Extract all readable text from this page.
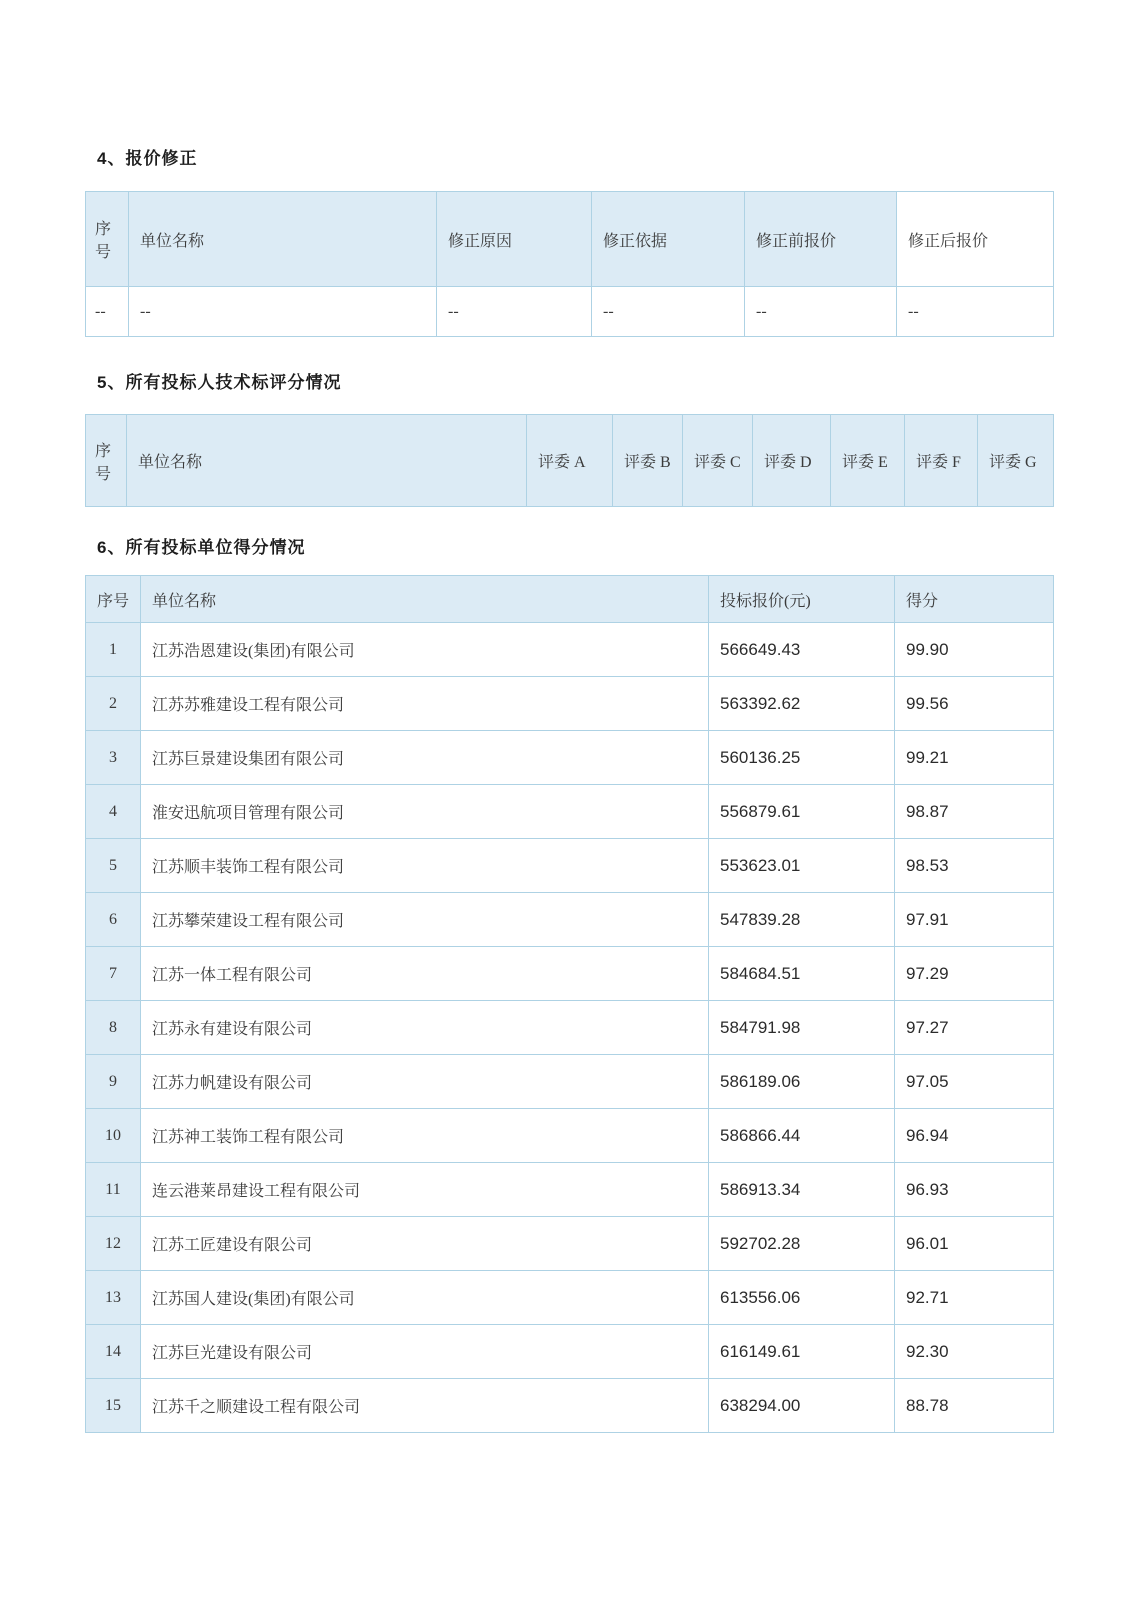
4、报价修正
序号	单位名称	修正原因	修正依据	修正前报价	修正后报价
--	--	--	--	--	--
5、所有投标人技术标评分情况
序号	单位名称	评委 A	评委 B	评委 C	评委 D	评委 E	评委 F	评委 G
6、所有投标单位得分情况
序号	单位名称	投标报价(元)	得分
1	江苏浩恩建设(集团)有限公司	566649.43	99.90
2	江苏苏雅建设工程有限公司	563392.62	99.56
3	江苏巨景建设集团有限公司	560136.25	99.21
4	淮安迅航项目管理有限公司	556879.61	98.87
5	江苏顺丰装饰工程有限公司	553623.01	98.53
6	江苏攀荣建设工程有限公司	547839.28	97.91
7	江苏一体工程有限公司	584684.51	97.29
8	江苏永有建设有限公司	584791.98	97.27
9	江苏力帆建设有限公司	586189.06	97.05
10	江苏神工装饰工程有限公司	586866.44	96.94
11	连云港莱昂建设工程有限公司	586913.34	96.93
12	江苏工匠建设有限公司	592702.28	96.01
13	江苏国人建设(集团)有限公司	613556.06	92.71
14	江苏巨光建设有限公司	616149.61	92.30
15	江苏千之顺建设工程有限公司	638294.00	88.78
